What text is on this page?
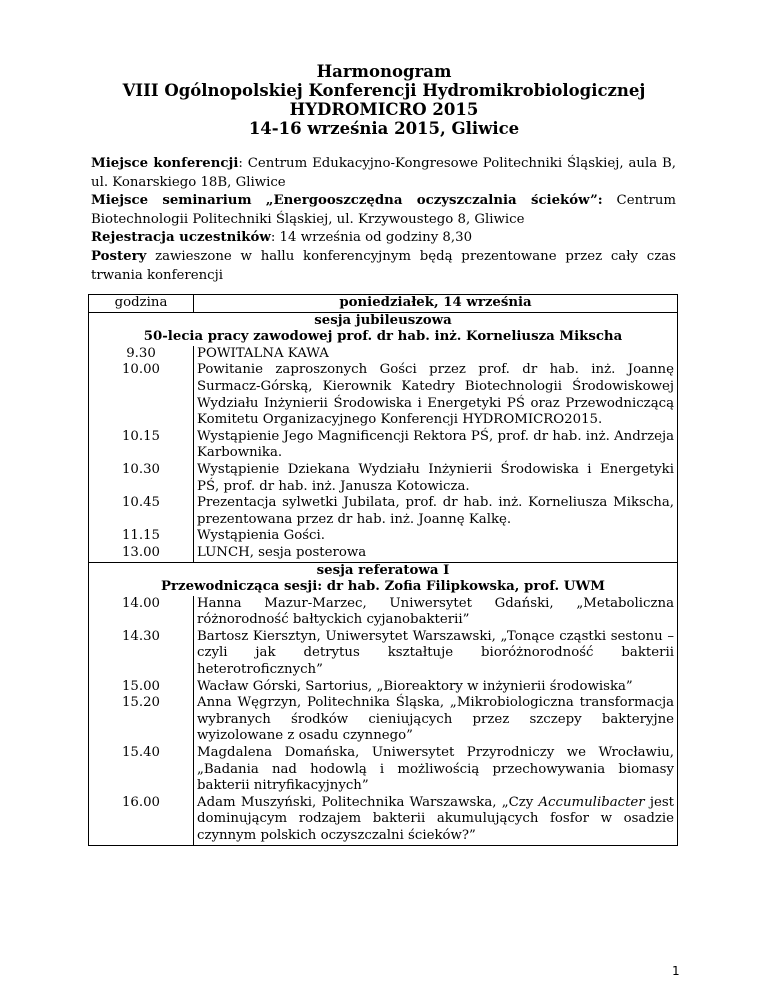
Harmonogram
VIII Ogólnopolskiej Konferencji Hydromikrobiologicznej
HYDROMICRO 2015
14-16 września 2015, Gliwice

Miejsce konferencji: Centrum Edukacyjno-Kongresowe Politechniki Śląskiej, aula B, ul. Konarskiego 18B, Gliwice

Miejsce seminarium „Energooszczędna oczyszczalnia ścieków”: Centrum Biotechnologii Politechniki Śląskiej, ul. Krzywoustego 8, Gliwice

Rejestracja uczestników: 14 września od godziny 8,30

Postery zawieszone w hallu konferencyjnym będą prezentowane przez cały czas trwania konferencji

godzina	poniedziałek, 14 września
sesja jubileuszowa	
50-lecia pracy zawodowej prof. dr hab. inż. Korneliusza Mikscha	
9.30	POWITALNA KAWA
10.00	Powitanie zaproszonych Gości przez prof. dr hab. inż. Joannę Surmacz-Górską, Kierownik Katedry Biotechnologii Środowiskowej Wydziału Inżynierii Środowiska i Energetyki PŚ oraz Przewodniczącą Komitetu Organizacyjnego Konferencji HYDROMICRO2015.
10.15	Wystąpienie Jego Magnificencji Rektora PŚ, prof. dr hab. inż. Andrzeja Karbownika.
10.30	Wystąpienie Dziekana Wydziału Inżynierii Środowiska i Energetyki PŚ, prof. dr hab. inż. Janusza Kotowicza.
10.45	Prezentacja sylwetki Jubilata, prof. dr hab. inż. Korneliusza Mikscha, prezentowana przez dr hab. inż. Joannę Kalkę.
11.15	Wystąpienia Gości.
13.00	LUNCH, sesja posterowa
sesja referatowa I	
Przewodnicząca sesji: dr hab. Zofia Filipkowska, prof. UWM	
14.00	Hanna Mazur-Marzec, Uniwersytet Gdański, „Metaboliczna różnorodność bałtyckich cyjanobakterii”
14.30	Bartosz Kiersztyn, Uniwersytet Warszawski, „Tonące cząstki sestonu – czyli jak detrytus kształtuje bioróżnorodność bakterii heterotroficznych”
15.00	Wacław Górski, Sartorius, „Bioreaktory w inżynierii środowiska”
15.20	Anna Węgrzyn, Politechnika Śląska, „Mikrobiologiczna transformacja wybranych środków cieniujących przez szczepy bakteryjne wyizolowane z osadu czynnego”
15.40	Magdalena Domańska, Uniwersytet Przyrodniczy we Wrocławiu, „Badania nad hodowlą i możliwością przechowywania biomasy bakterii nitryfikacyjnych”
16.00	Adam Muszyński, Politechnika Warszawska, „Czy Accumulibacter jest dominującym rodzajem bakterii akumulujących fosfor w osadzie czynnym polskich oczyszczalni ścieków?”
1
